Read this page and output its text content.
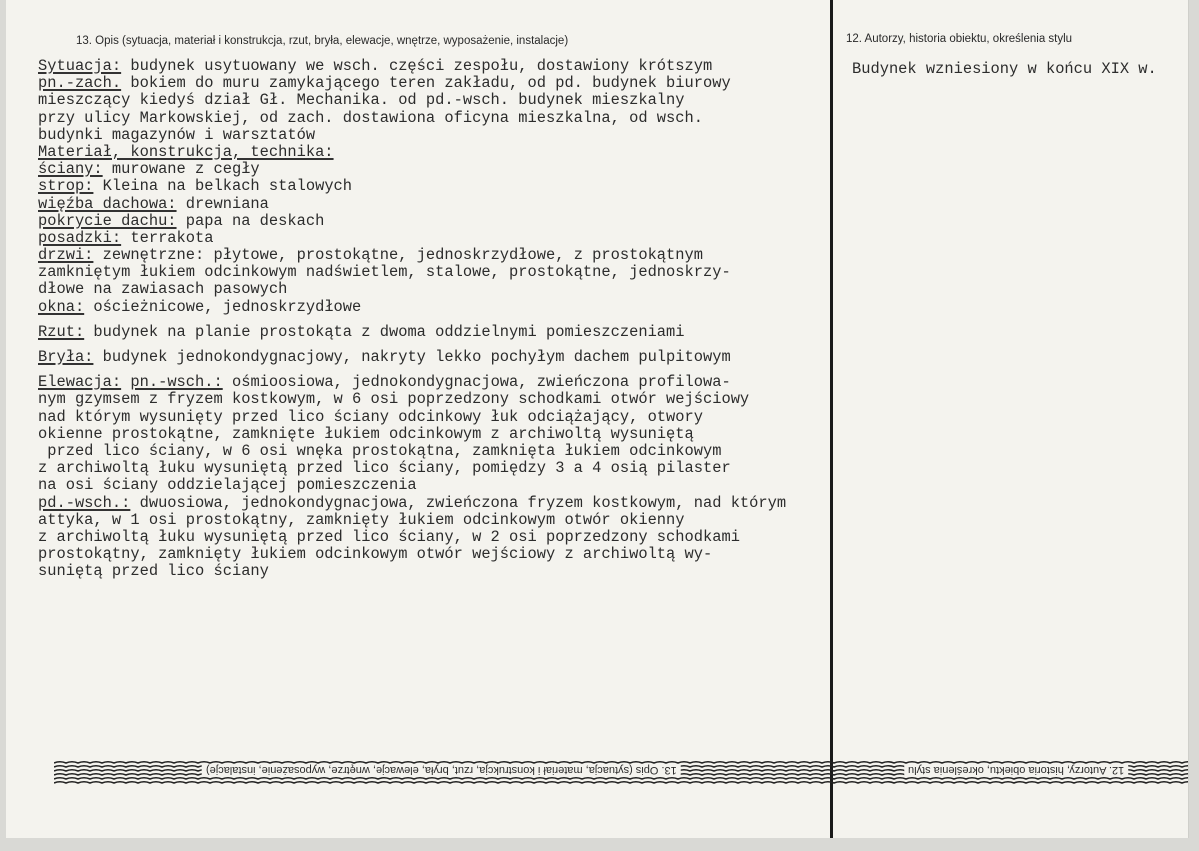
13. Opis (sytuacja, materiał i konstrukcja, rzut, bryła, elewacje, wnętrze, wyposażenie, instalacje)	12. Autorzy, historia obiektu, określenia stylu
Sytuacja: budynek usytuowany we wsch. części zespołu, dostawiony krótszym
pn.-zach. bokiem do muru zamykającego teren zakładu, od pd. budynek biurowy
mieszczący kiedyś dział Gł. Mechanika. od pd.-wsch. budynek mieszkalny
przy ulicy Markowskiej, od zach. dostawiona oficyna mieszkalna, od wsch.
budynki magazynów i warsztatów
Materiał, konstrukcja, technika:
ściany: murowane z cegły
strop: Kleina na belkach stalowych
więźba dachowa: drewniana
pokrycie dachu: papa na deskach
posadzki: terrakota
drzwi: zewnętrzne: płytowe, prostokątne, jednoskrzydłowe, z prostokątnym
zamkniętym łukiem odcinkowym nadświetlem, stalowe, prostokątne, jednoskrzy-
dłowe na zawiasach pasowych
okna: ościeżnicowe, jednoskrzydłowe
Rzut: budynek na planie prostokąta z dwoma oddzielnymi pomieszczeniami
Bryła: budynek jednokondygnacjowy, nakryty lekko pochyłym dachem pulpitowym
Elewacja: pn.-wsch.: ośmioosiowa, jednokondygnacjowa, zwieńczona profilowa-
nym gzymsem z fryzem kostkowym, w 6 osi poprzedzony schodkami otwór wejściowy
nad którym wysunięty przed lico ściany odcinkowy łuk odciążający, otwory
okienne prostokątne, zamknięte łukiem odcinkowym z archiwoltą wysuniętą
przed lico ściany, w 6 osi wnęka prostokątna, zamknięta łukiem odcinkowym
z archiwoltą łuku wysuniętą przed lico ściany, pomiędzy 3 a 4 osią pilaster
na osi ściany oddzielającej pomieszczenia
pd.-wsch.: dwuosiowa, jednokondygnacjowa, zwieńczona fryzem kostkowym, nad którym
attyka, w 1 osi prostokątny, zamknięty łukiem odcinkowym otwór okienny
z archiwoltą łuku wysuniętą przed lico ściany, w 2 osi poprzedzony schodkami
prostokątny, zamknięty łukiem odcinkowym otwór wejściowy z archiwoltą wy-
suniętą przed lico ściany
Budynek wzniesiony w końcu XIX w.
13. Opis (sytuacja, materiał i konstrukcja, rzut, bryła, elewacje, wnętrze, wyposażenie, instalacje)	12. Autorzy, historia obiektu, określenia stylu
